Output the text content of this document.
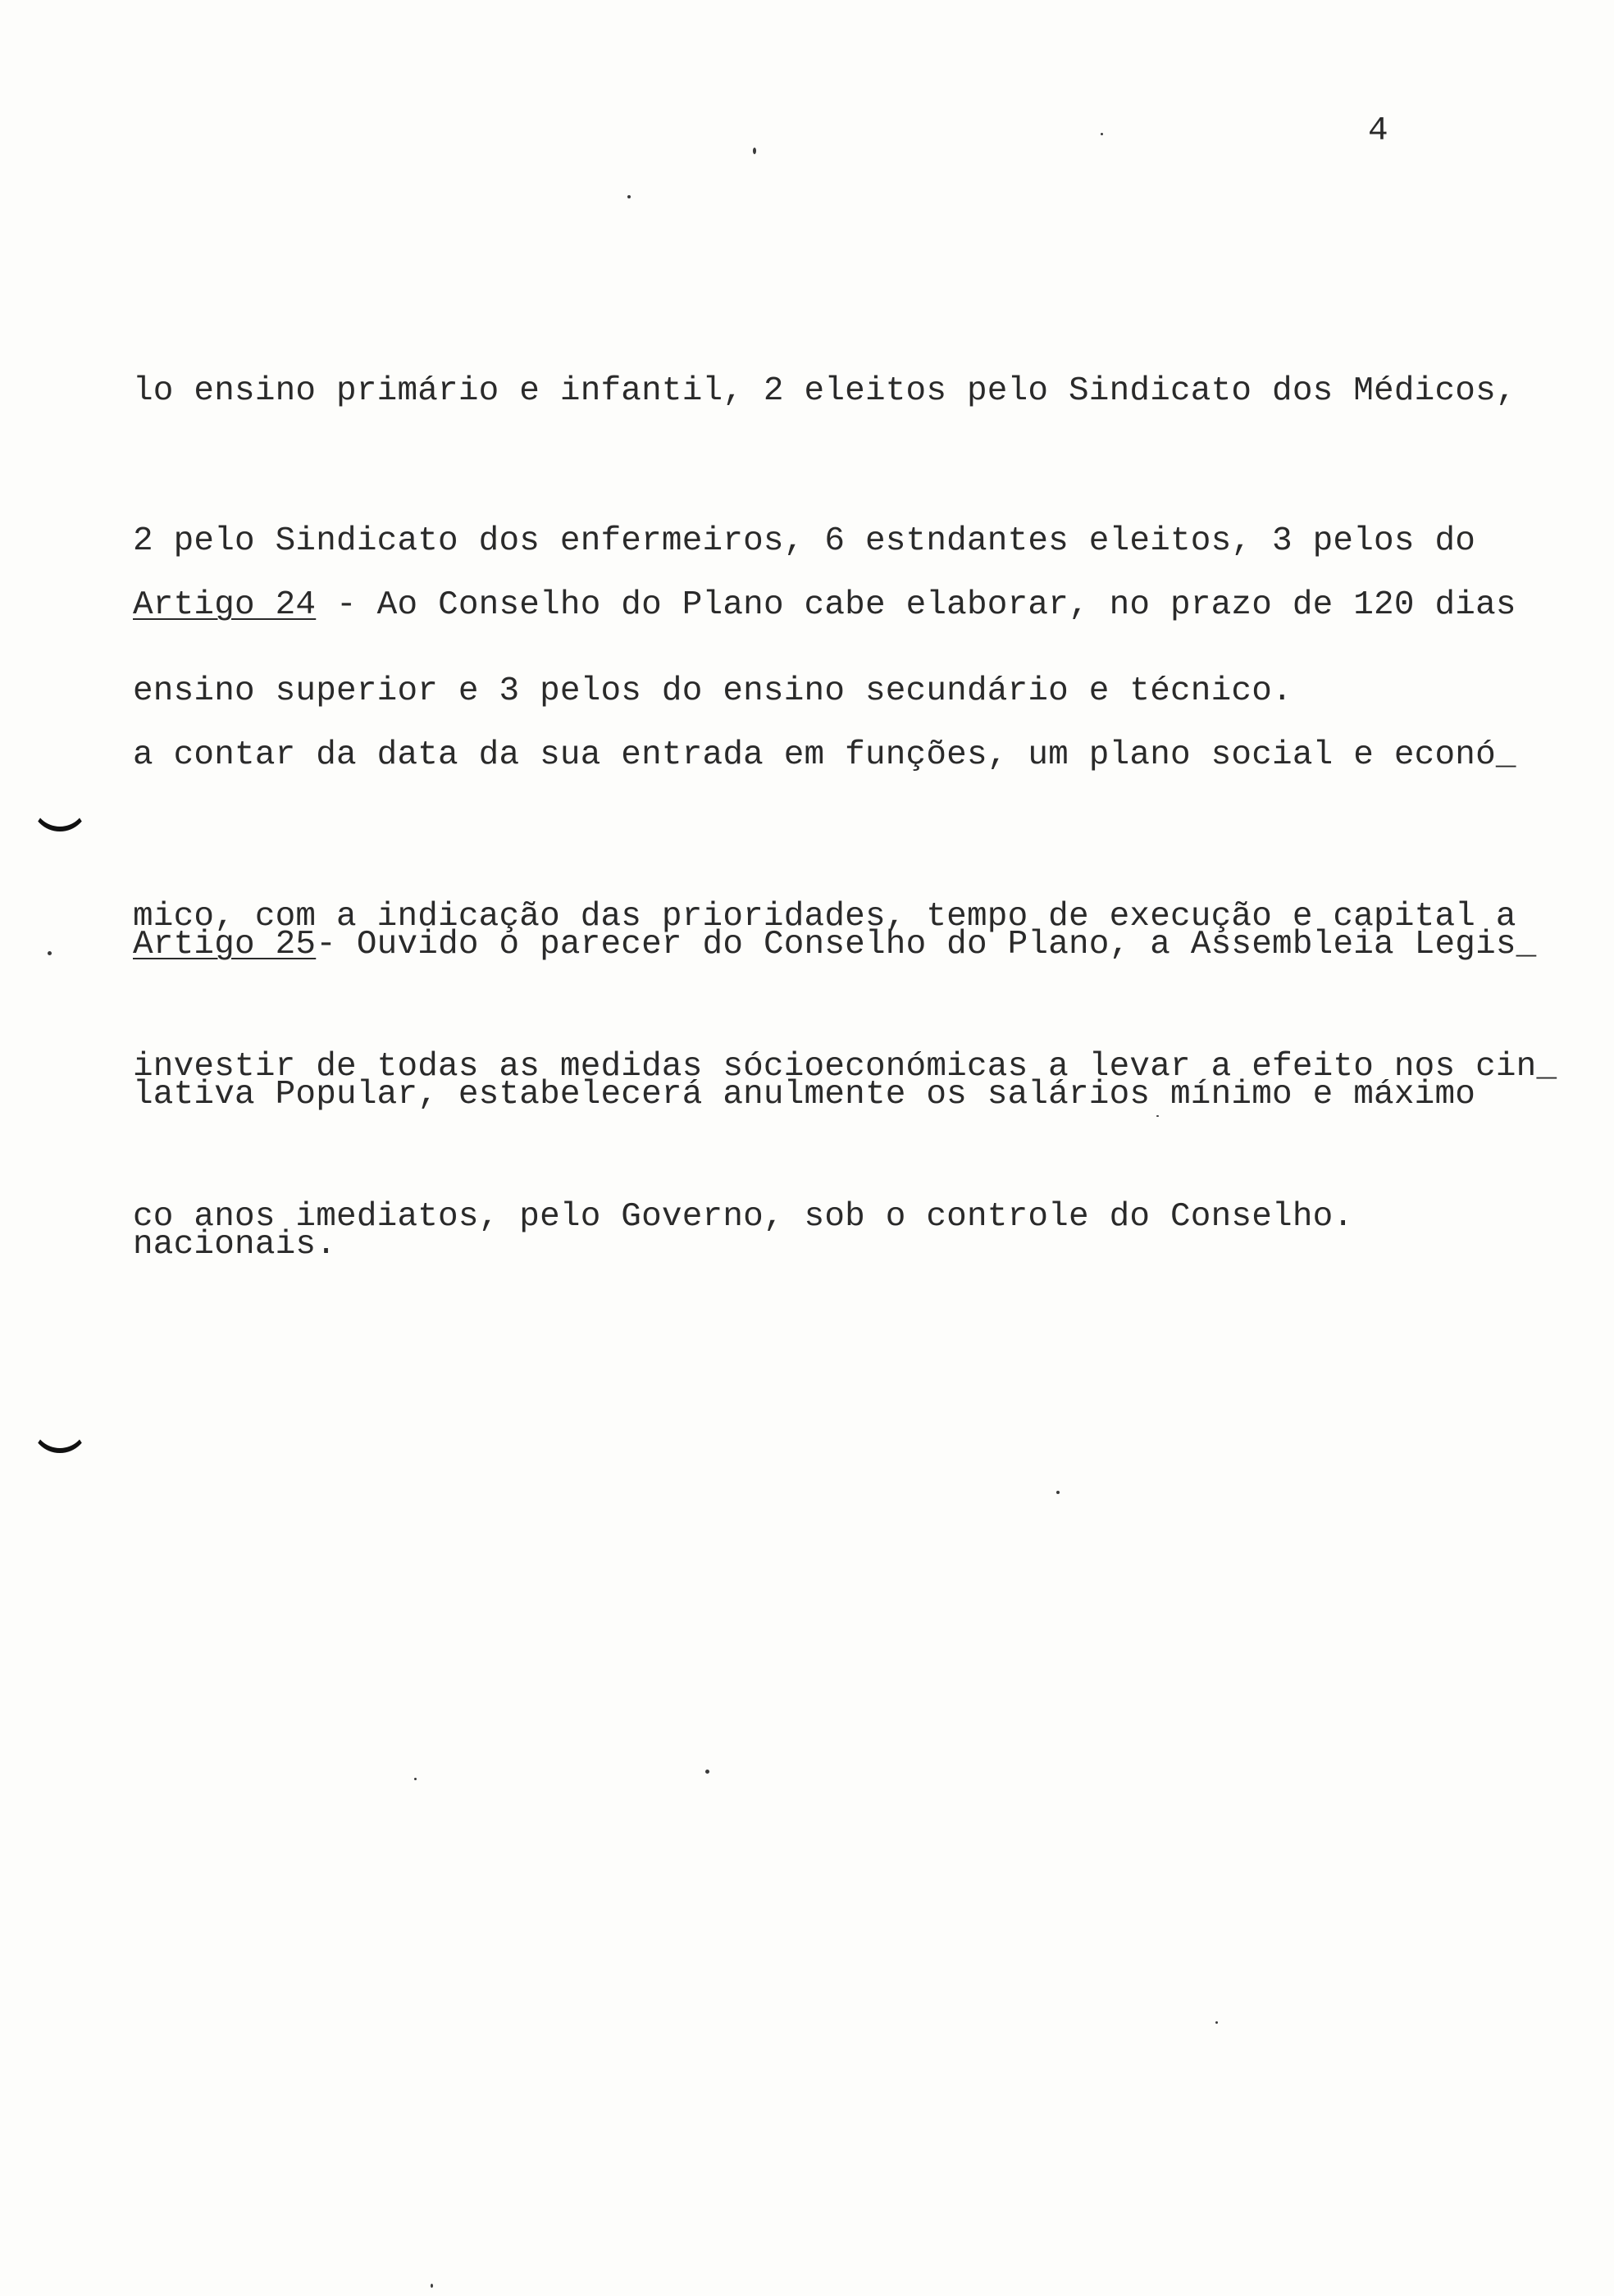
4

lo ensino primário e infantil, 2 eleitos pelo Sindicato dos Médicos,

2 pelo Sindicato dos enfermeiros, 6 estndantes eleitos, 3 pelos do

ensino superior e 3 pelos do ensino secundário e técnico.

Artigo 24 - Ao Conselho do Plano cabe elaborar, no prazo de 120 dias

a contar da data da sua entrada em funções, um plano social e econó_

mico, com a indicação das prioridades, tempo de execução e capital a

investir de todas as medidas sócioeconómicas a levar a efeito nos cin_

co anos imediatos, pelo Governo, sob o controle do Conselho.

Artigo 25- Ouvido o parecer do Conselho do Plano, a Assembleia Legis_

lativa Popular, estabelecerá anulmente os salários mínimo e máximo

nacionais.
